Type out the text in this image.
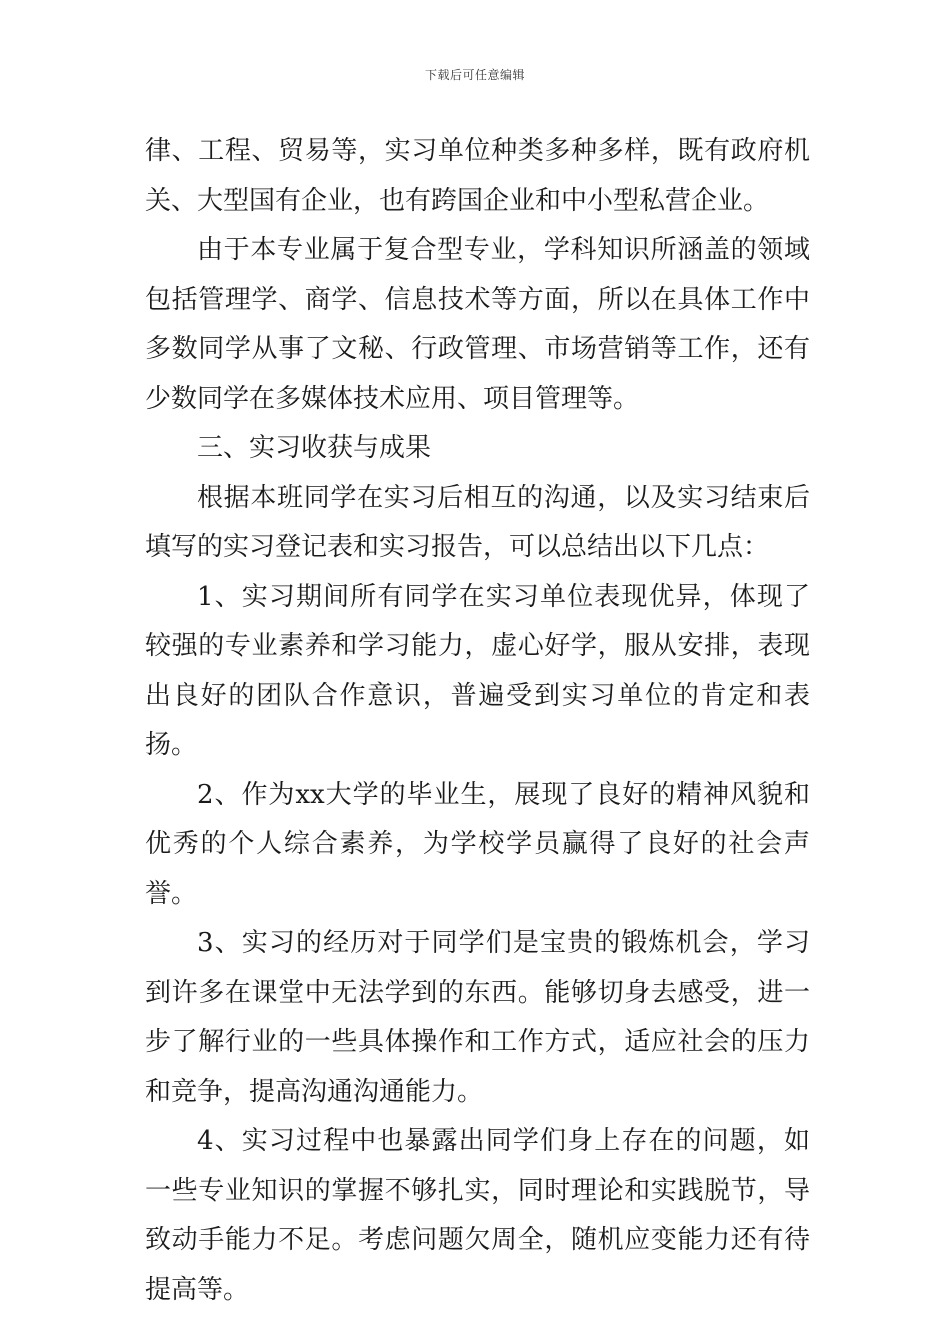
下载后可任意编辑

律、工程、贸易等，实习单位种类多种多样，既有政府机关、大型国有企业，也有跨国企业和中小型私营企业。

由于本专业属于复合型专业，学科知识所涵盖的领域包括管理学、商学、信息技术等方面，所以在具体工作中多数同学从事了文秘、行政管理、市场营销等工作，还有少数同学在多媒体技术应用、项目管理等。

三、实习收获与成果

根据本班同学在实习后相互的沟通，以及实习结束后填写的实习登记表和实习报告，可以总结出以下几点：

1、实习期间所有同学在实习单位表现优异，体现了较强的专业素养和学习能力，虚心好学，服从安排，表现出良好的团队合作意识，普遍受到实习单位的肯定和表扬。

2、作为xx大学的毕业生，展现了良好的精神风貌和优秀的个人综合素养，为学校学员赢得了良好的社会声誉。

3、实习的经历对于同学们是宝贵的锻炼机会，学习到许多在课堂中无法学到的东西。能够切身去感受，进一步了解行业的一些具体操作和工作方式，适应社会的压力和竞争，提高沟通沟通能力。

4、实习过程中也暴露出同学们身上存在的问题，如一些专业知识的掌握不够扎实，同时理论和实践脱节，导致动手能力不足。考虑问题欠周全，随机应变能力还有待提高等。
